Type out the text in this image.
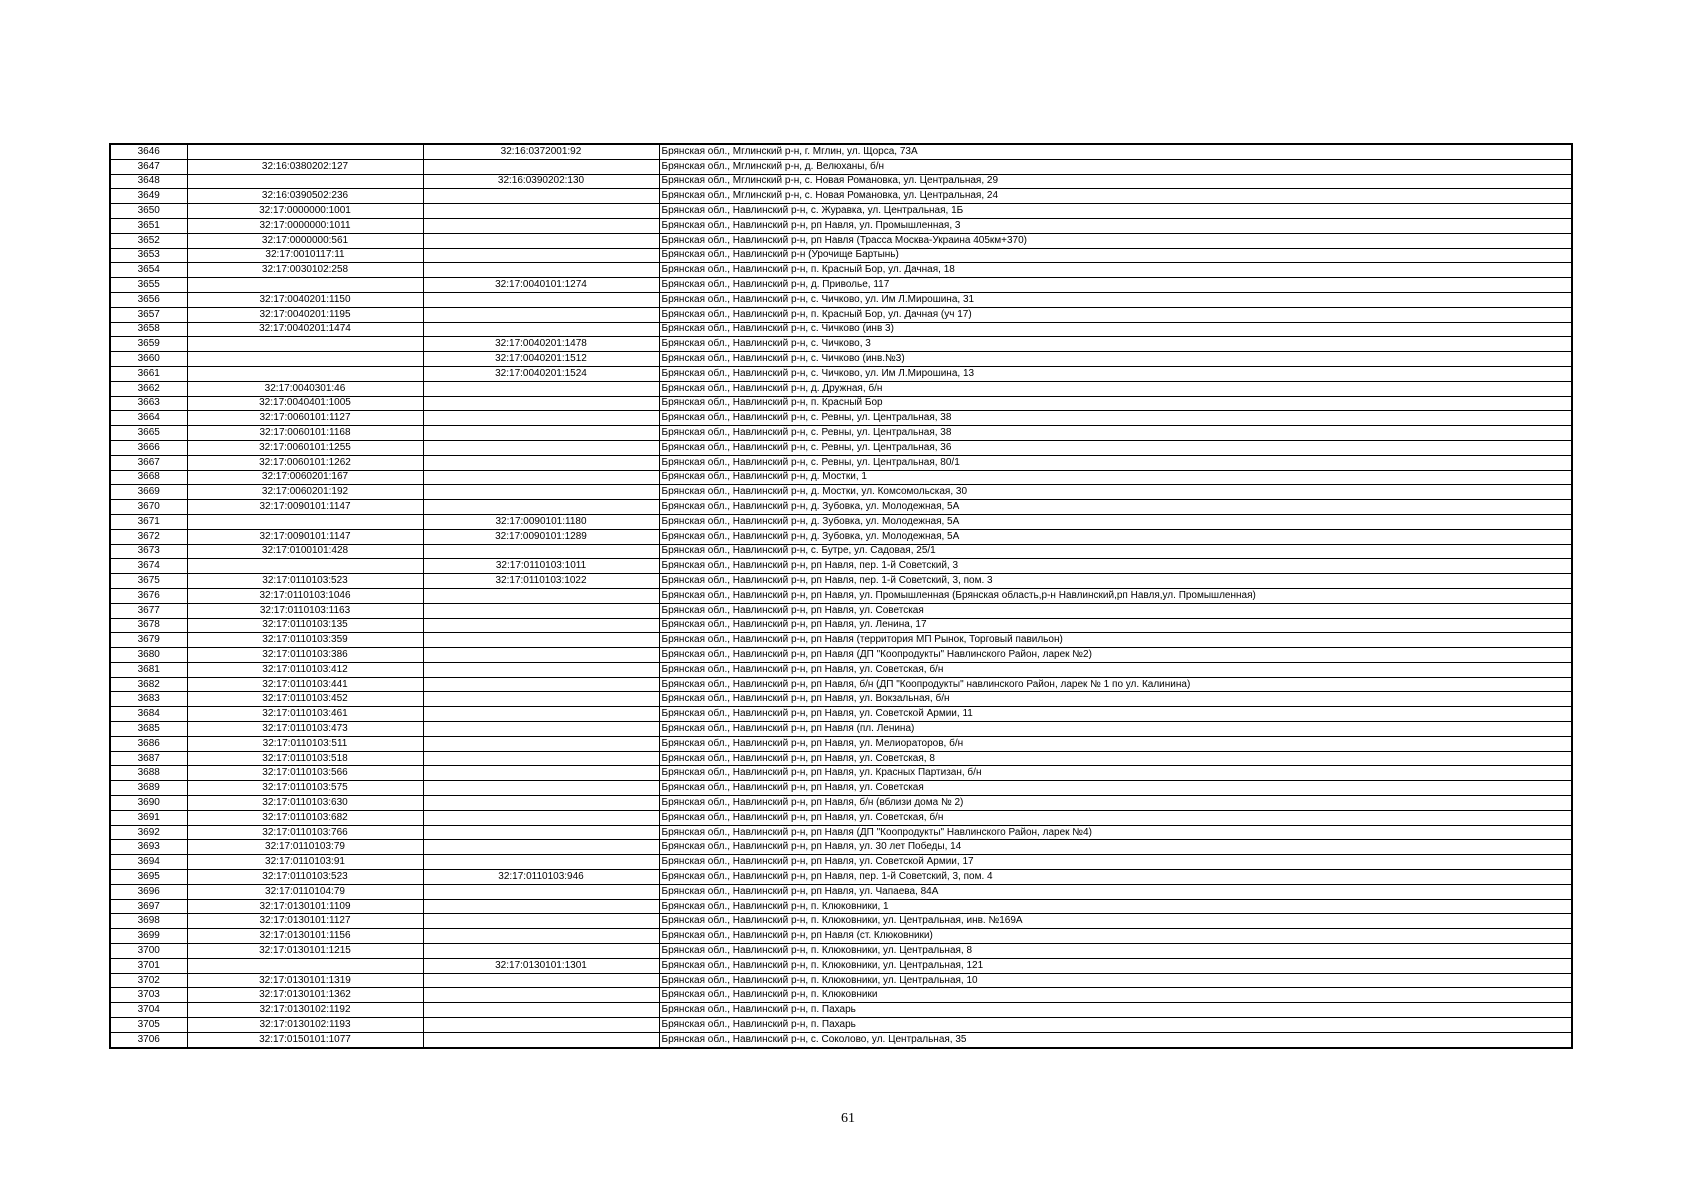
3646		32:16:0372001:92	Брянская обл., Мглинский р-н, г. Мглин, ул. Щорса, 73А
3647	32:16:0380202:127		Брянская обл., Мглинский р-н, д. Велюханы, б/н
3648		32:16:0390202:130	Брянская обл., Мглинский р-н, с. Новая Романовка, ул. Центральная, 29
3649	32:16:0390502:236		Брянская обл., Мглинский р-н, с. Новая Романовка, ул. Центральная, 24
3650	32:17:0000000:1001		Брянская обл., Навлинский р-н, с. Журавка, ул. Центральная, 1Б
3651	32:17:0000000:1011		Брянская обл., Навлинский р-н, рп Навля, ул. Промышленная, 3
3652	32:17:0000000:561		Брянская обл., Навлинский р-н, рп Навля (Трасса Москва-Украина 405км+370)
3653	32:17:0010117:11		Брянская обл., Навлинский р-н (Урочище Бартынь)
3654	32:17:0030102:258		Брянская обл., Навлинский р-н, п. Красный Бор, ул. Дачная, 18
3655		32:17:0040101:1274	Брянская обл., Навлинский р-н, д. Приволье, 117
3656	32:17:0040201:1150		Брянская обл., Навлинский р-н, с. Чичково, ул. Им Л.Мирошина, 31
3657	32:17:0040201:1195		Брянская обл., Навлинский р-н, п. Красный Бор, ул. Дачная (уч 17)
3658	32:17:0040201:1474		Брянская обл., Навлинский р-н, с. Чичково (инв 3)
3659		32:17:0040201:1478	Брянская обл., Навлинский р-н, с. Чичково, 3
3660		32:17:0040201:1512	Брянская обл., Навлинский р-н, с. Чичково (инв.№3)
3661		32:17:0040201:1524	Брянская обл., Навлинский р-н, с. Чичково, ул. Им Л.Мирошина, 13
3662	32:17:0040301:46		Брянская обл., Навлинский р-н, д. Дружная, б/н
3663	32:17:0040401:1005		Брянская обл., Навлинский р-н, п. Красный Бор
3664	32:17:0060101:1127		Брянская обл., Навлинский р-н, с. Ревны, ул. Центральная, 38
3665	32:17:0060101:1168		Брянская обл., Навлинский р-н, с. Ревны, ул. Центральная, 38
3666	32:17:0060101:1255		Брянская обл., Навлинский р-н, с. Ревны, ул. Центральная, 36
3667	32:17:0060101:1262		Брянская обл., Навлинский р-н, с. Ревны, ул. Центральная, 80/1
3668	32:17:0060201:167		Брянская обл., Навлинский р-н, д. Мостки, 1
3669	32:17:0060201:192		Брянская обл., Навлинский р-н, д. Мостки, ул. Комсомольская, 30
3670	32:17:0090101:1147		Брянская обл., Навлинский р-н, д. Зубовка, ул. Молодежная, 5А
3671		32:17:0090101:1180	Брянская обл., Навлинский р-н, д. Зубовка, ул. Молодежная, 5А
3672	32:17:0090101:1147	32:17:0090101:1289	Брянская обл., Навлинский р-н, д. Зубовка, ул. Молодежная, 5А
3673	32:17:0100101:428		Брянская обл., Навлинский р-н, с. Бутре, ул. Садовая, 25/1
3674		32:17:0110103:1011	Брянская обл., Навлинский р-н, рп Навля, пер. 1-й Советский, 3
3675	32:17:0110103:523	32:17:0110103:1022	Брянская обл., Навлинский р-н, рп Навля, пер. 1-й Советский, 3, пом. 3
3676	32:17:0110103:1046		Брянская обл., Навлинский р-н, рп Навля, ул. Промышленная (Брянская область,р-н Навлинский,рп Навля,ул. Промышленная)
3677	32:17:0110103:1163		Брянская обл., Навлинский р-н, рп Навля, ул. Советская
3678	32:17:0110103:135		Брянская обл., Навлинский р-н, рп Навля, ул. Ленина, 17
3679	32:17:0110103:359		Брянская обл., Навлинский р-н, рп Навля (территория МП Рынок, Торговый павильон)
3680	32:17:0110103:386		Брянская обл., Навлинский р-н, рп Навля (ДП "Коопродукты" Навлинского Район, ларек №2)
3681	32:17:0110103:412		Брянская обл., Навлинский р-н, рп Навля, ул. Советская, б/н
3682	32:17:0110103:441		Брянская обл., Навлинский р-н, рп Навля, б/н (ДП "Коопродукты" навлинского Район, ларек № 1 по ул. Калинина)
3683	32:17:0110103:452		Брянская обл., Навлинский р-н, рп Навля, ул. Вокзальная, б/н
3684	32:17:0110103:461		Брянская обл., Навлинский р-н, рп Навля, ул. Советской Армии, 11
3685	32:17:0110103:473		Брянская обл., Навлинский р-н, рп Навля (пл. Ленина)
3686	32:17:0110103:511		Брянская обл., Навлинский р-н, рп Навля, ул. Мелиораторов, б/н
3687	32:17:0110103:518		Брянская обл., Навлинский р-н, рп Навля, ул. Советская, 8
3688	32:17:0110103:566		Брянская обл., Навлинский р-н, рп Навля, ул. Красных Партизан, б/н
3689	32:17:0110103:575		Брянская обл., Навлинский р-н, рп Навля, ул. Советская
3690	32:17:0110103:630		Брянская обл., Навлинский р-н, рп Навля, б/н (вблизи дома № 2)
3691	32:17:0110103:682		Брянская обл., Навлинский р-н, рп Навля, ул. Советская, б/н
3692	32:17:0110103:766		Брянская обл., Навлинский р-н, рп Навля (ДП "Коопродукты" Навлинского Район, ларек №4)
3693	32:17:0110103:79		Брянская обл., Навлинский р-н, рп Навля, ул. 30 лет Победы, 14
3694	32:17:0110103:91		Брянская обл., Навлинский р-н, рп Навля, ул. Советской Армии, 17
3695	32:17:0110103:523	32:17:0110103:946	Брянская обл., Навлинский р-н, рп Навля, пер. 1-й Советский, 3, пом. 4
3696	32:17:0110104:79		Брянская обл., Навлинский р-н, рп Навля, ул. Чапаева, 84А
3697	32:17:0130101:1109		Брянская обл., Навлинский р-н, п. Клюковники, 1
3698	32:17:0130101:1127		Брянская обл., Навлинский р-н, п. Клюковники, ул. Центральная, инв. №169А
3699	32:17:0130101:1156		Брянская обл., Навлинский р-н, рп Навля (ст. Клюковники)
3700	32:17:0130101:1215		Брянская обл., Навлинский р-н, п. Клюковники, ул. Центральная, 8
3701		32:17:0130101:1301	Брянская обл., Навлинский р-н, п. Клюковники, ул. Центральная, 121
3702	32:17:0130101:1319		Брянская обл., Навлинский р-н, п. Клюковники, ул. Центральная, 10
3703	32:17:0130101:1362		Брянская обл., Навлинский р-н, п. Клюковники
3704	32:17:0130102:1192		Брянская обл., Навлинский р-н, п. Пахарь
3705	32:17:0130102:1193		Брянская обл., Навлинский р-н, п. Пахарь
3706	32:17:0150101:1077		Брянская обл., Навлинский р-н, с. Соколово, ул. Центральная, 35
61
